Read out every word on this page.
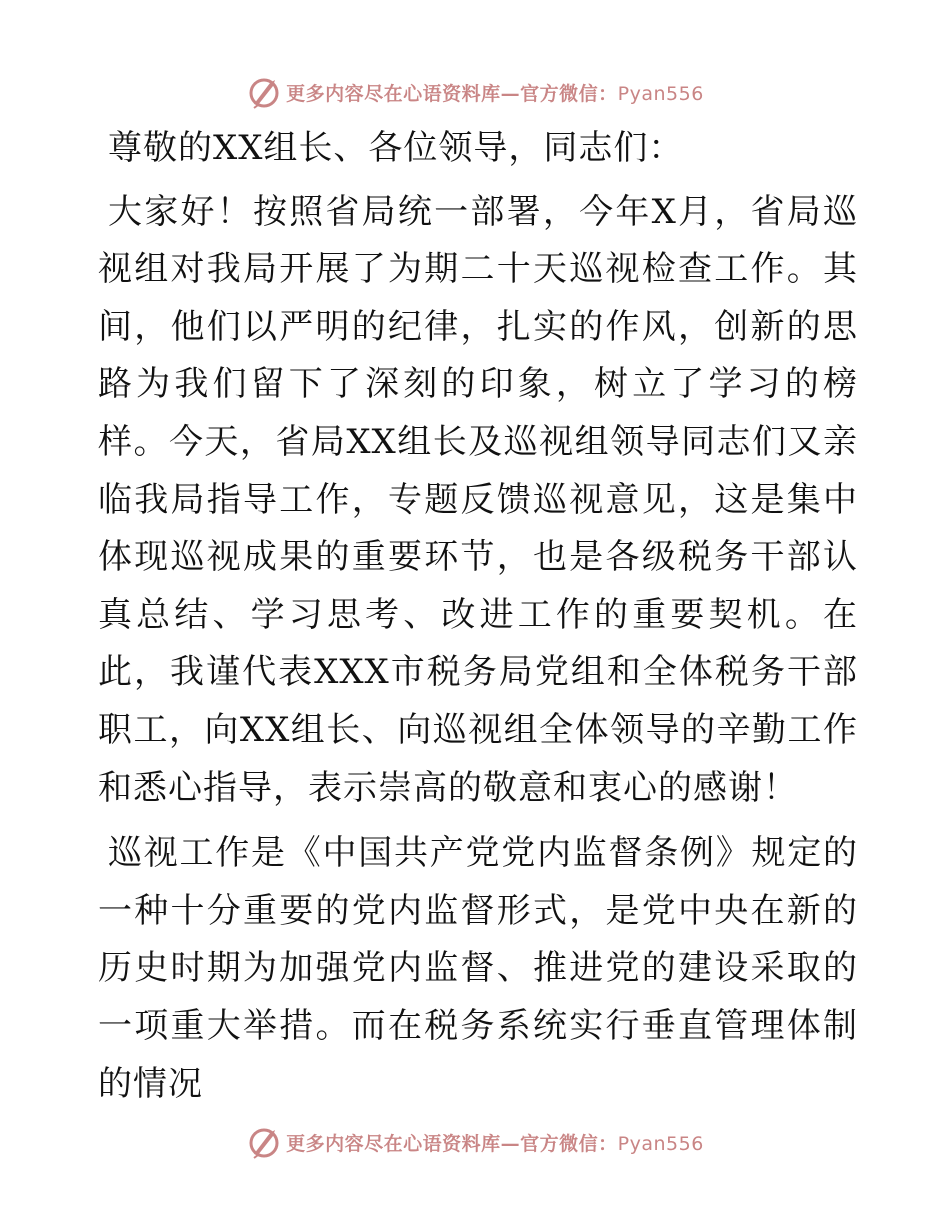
更多内容尽在心语资料库—官方微信：Pyan556

尊敬的XX组长、各位领导，同志们：

大家好！按照省局统一部署，今年X月，省局巡视组对我局开展了为期二十天巡视检查工作。其间，他们以严明的纪律，扎实的作风，创新的思路为我们留下了深刻的印象，树立了学习的榜样。今天，省局XX组长及巡视组领导同志们又亲临我局指导工作，专题反馈巡视意见，这是集中体现巡视成果的重要环节，也是各级税务干部认真总结、学习思考、改进工作的重要契机。在此，我谨代表XXX市税务局党组和全体税务干部职工，向XX组长、向巡视组全体领导的辛勤工作和悉心指导，表示崇高的敬意和衷心的感谢！

巡视工作是《中国共产党党内监督条例》规定的一种十分重要的党内监督形式，是党中央在新的历史时期为加强党内监督、推进党的建设采取的一项重大举措。而在税务系统实行垂直管理体制的情况

更多内容尽在心语资料库—官方微信：Pyan556
